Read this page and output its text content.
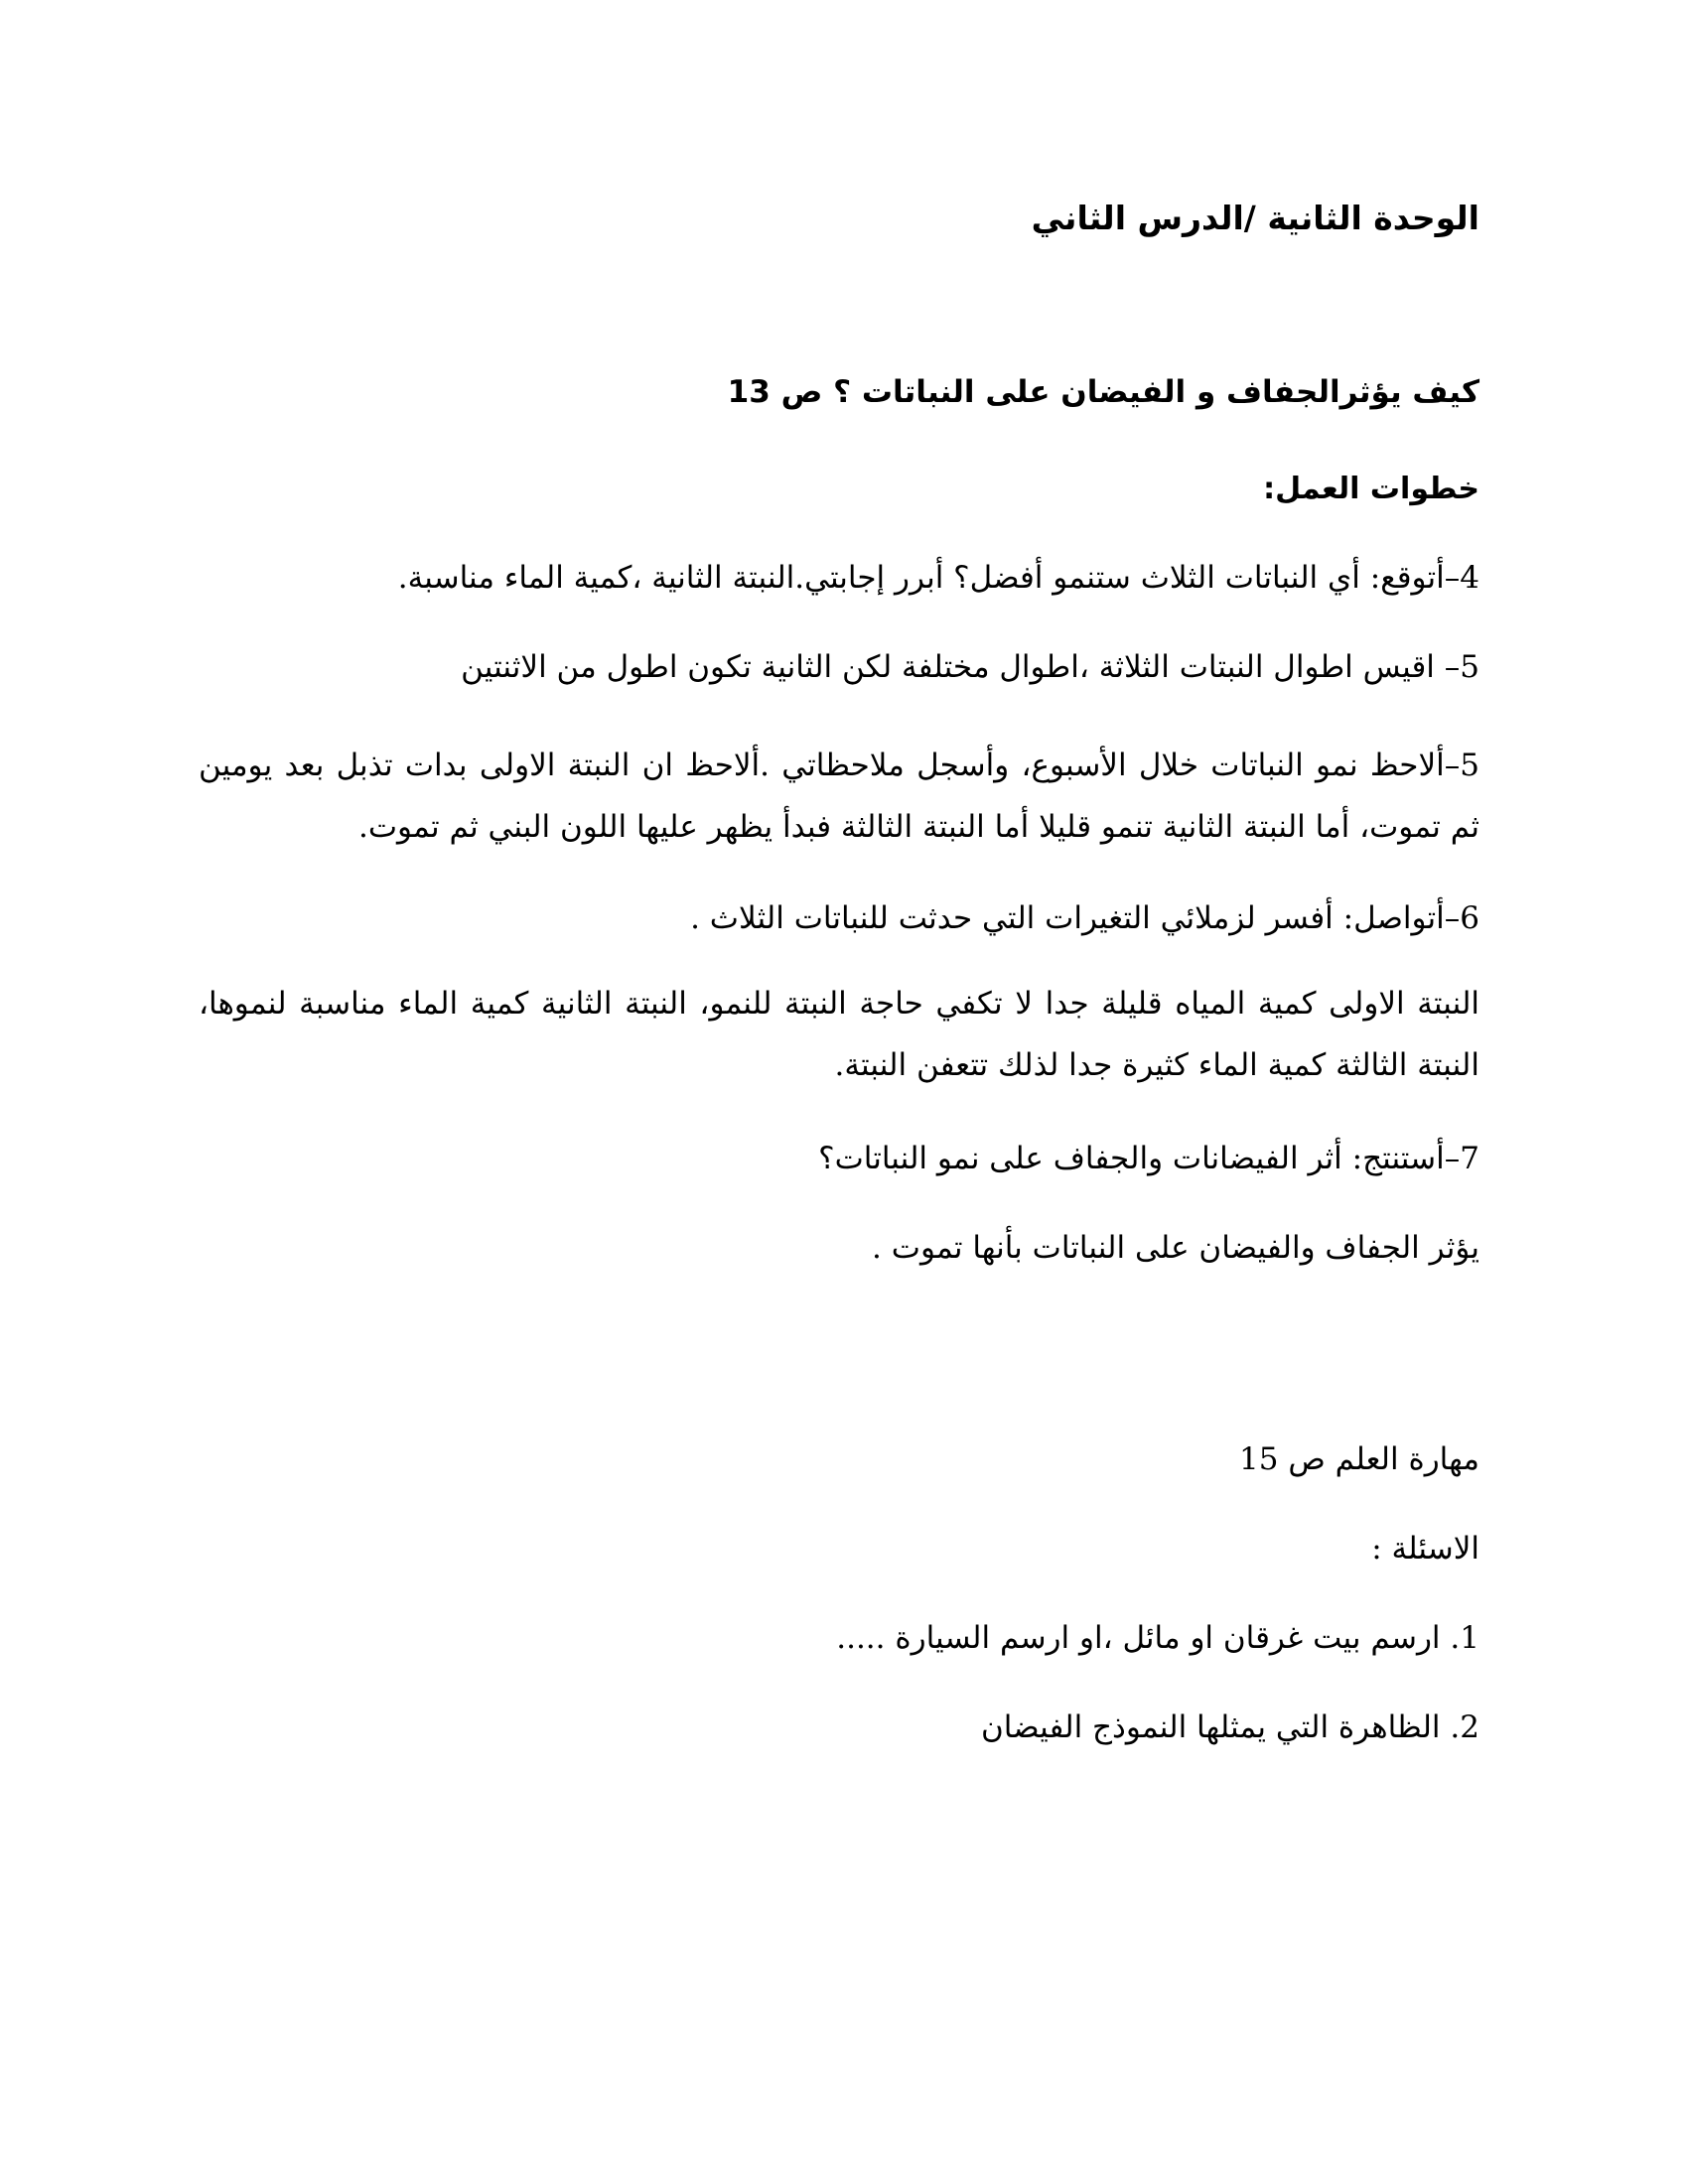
الوحدة الثانية /الدرس الثاني
كيف يؤثرالجفاف و الفيضان على النباتات ؟ ص 13
خطوات العمل:
4–أتوقع: أي النباتات الثلاث ستنمو أفضل؟ أبرر إجابتي.النبتة الثانية ،كمية الماء مناسبة.
5– اقيس اطوال النبتات الثلاثة ،اطوال مختلفة لكن الثانية تكون اطول من الاثنتين
5–ألاحظ نمو النباتات خلال الأسبوع، وأسجل ملاحظاتي .ألاحظ ان النبتة الاولى بدات تذبل بعد يومين ثم تموت، أما النبتة الثانية تنمو قليلا أما النبتة الثالثة فبدأ يظهر عليها اللون البني ثم تموت.
6–أتواصل: أفسر لزملائي التغيرات التي حدثت للنباتات الثلاث .
النبتة الاولى كمية المياه قليلة جدا لا تكفي حاجة النبتة للنمو، النبتة الثانية كمية الماء مناسبة لنموها، النبتة الثالثة كمية الماء كثيرة جدا لذلك تتعفن النبتة.
7–أستنتج: أثر الفيضانات والجفاف على نمو النباتات؟
يؤثر الجفاف والفيضان على النباتات بأنها تموت .
مهارة العلم ص 15
الاسئلة :
1. ارسم بيت غرقان او مائل ،او ارسم السيارة .....
2. الظاهرة التي يمثلها النموذج الفيضان
